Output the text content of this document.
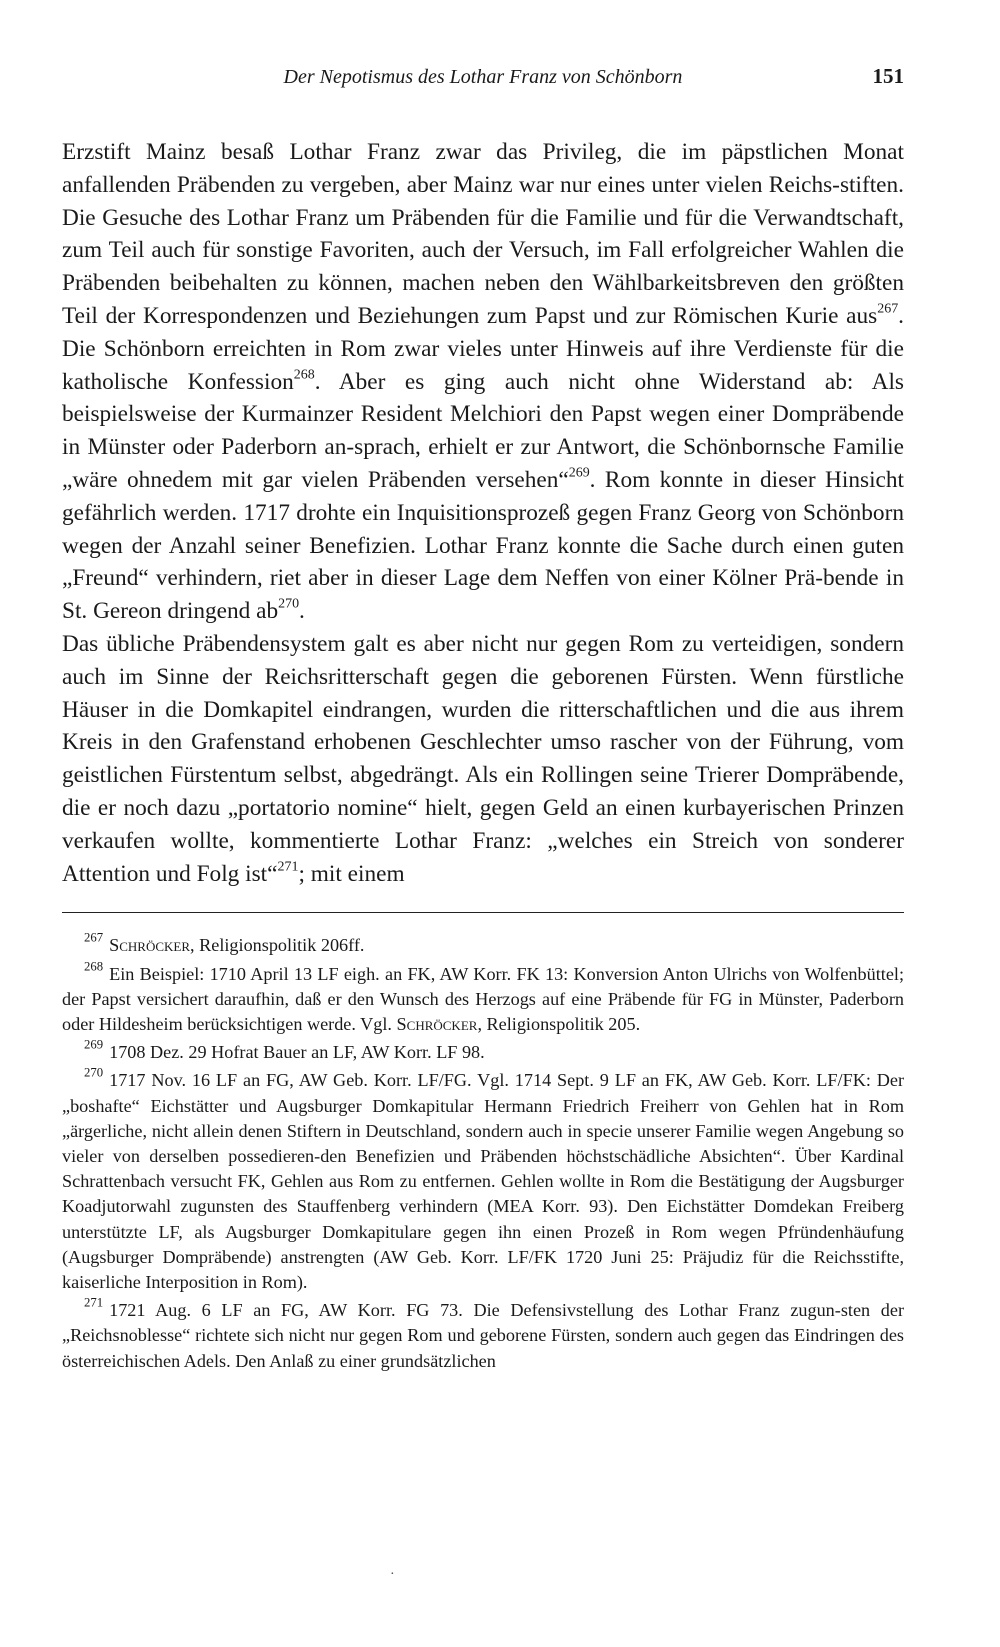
Der Nepotismus des Lothar Franz von Schönborn	151

Erzstift Mainz besaß Lothar Franz zwar das Privileg, die im päpstlichen Monat anfallenden Präbenden zu vergeben, aber Mainz war nur eines unter vielen Reichs-stiften. Die Gesuche des Lothar Franz um Präbenden für die Familie und für die Verwandtschaft, zum Teil auch für sonstige Favoriten, auch der Versuch, im Fall erfolgreicher Wahlen die Präbenden beibehalten zu können, machen neben den Wählbarkeitsbreven den größten Teil der Korrespondenzen und Beziehungen zum Papst und zur Römischen Kurie aus$^{267}$. Die Schönborn erreichten in Rom zwar vieles unter Hinweis auf ihre Verdienste für die katholische Konfession$^{268}$. Aber es ging auch nicht ohne Widerstand ab: Als beispielsweise der Kurmainzer Resident Melchiori den Papst wegen einer Dompräbende in Münster oder Paderborn an-sprach, erhielt er zur Antwort, die Schönbornsche Familie „wäre ohnedem mit gar vielen Präbenden versehen“$^{269}$. Rom konnte in dieser Hinsicht gefährlich werden. 1717 drohte ein Inquisitionsprozeß gegen Franz Georg von Schönborn wegen der Anzahl seiner Benefizien. Lothar Franz konnte die Sache durch einen guten „Freund“ verhindern, riet aber in dieser Lage dem Neffen von einer Kölner Prä-bende in St. Gereon dringend $ab^{270}$.

Das übliche Präbendensystem galt es aber nicht nur gegen Rom zu verteidigen, sondern auch im Sinne der Reichsritterschaft gegen die geborenen Fürsten. Wenn fürstliche Häuser in die Domkapitel eindrangen, wurden die ritterschaftlichen und die aus ihrem Kreis in den Grafenstand erhobenen Geschlechter umso rascher von der Führung, vom geistlichen Fürstentum selbst, abgedrängt. Als ein Rollingen seine Trierer Dompräbende, die er noch dazu „portatorio nomine“ hielt, gegen Geld an einen kurbayerischen Prinzen verkaufen wollte, kommentierte Lothar Franz: „welches ein Streich von sonderer Attention und Folg ist“$^{271}$; mit einem

$^{267}$ Schröcker, Religionspolitik 206ff.

$^{268}$ Ein Beispiel: 1710 April 13 LF eigh. an FK, AW Korr. FK 13: Konversion Anton Ulrichs von Wolfenbüttel; der Papst versichert daraufhin, daß er den Wunsch des Herzogs auf eine Präbende für FG in Münster, Paderborn oder Hildesheim berücksichtigen werde. Vgl. Schröcker, Religionspolitik 205.

$^{269}$ 1708 Dez. 29 Hofrat Bauer an LF, AW Korr. LF 98.

$^{270}$ 1717 Nov. 16 LF an FG, AW Geb. Korr. LF/FG. Vgl. 1714 Sept. 9 LF an FK, AW Geb. Korr. LF/FK: Der „boshafte“ Eichstätter und Augsburger Domkapitular Hermann Friedrich Freiherr von Gehlen hat in Rom „ärgerliche, nicht allein denen Stiftern in Deutschland, sondern auch in specie unserer Familie wegen Angebung so vieler von derselben possedieren-den Benefizien und Präbenden höchstschädliche Absichten“. Über Kardinal Schrattenbach versucht FK, Gehlen aus Rom zu entfernen. Gehlen wollte in Rom die Bestätigung der Augsburger Koadjutorwahl zugunsten des Stauffenberg verhindern (MEA Korr. 93). Den Eichstätter Domdekan Freiberg unterstützte LF, als Augsburger Domkapitulare gegen ihn einen Prozeß in Rom wegen Pfründenhäufung (Augsburger Dompräbende) anstrengten (AW Geb. Korr. LF/FK 1720 Juni 25: Präjudiz für die Reichsstifte, kaiserliche Interposition in Rom).

$^{271}$ 1721 Aug. 6 LF an FG, AW Korr. FG 73. Die Defensivstellung des Lothar Franz zugun-sten der „Reichsnoblesse“ richtete sich nicht nur gegen Rom und geborene Fürsten, sondern auch gegen das Eindringen des österreichischen Adels. Den Anlaß zu einer grundsätzlichen

·
